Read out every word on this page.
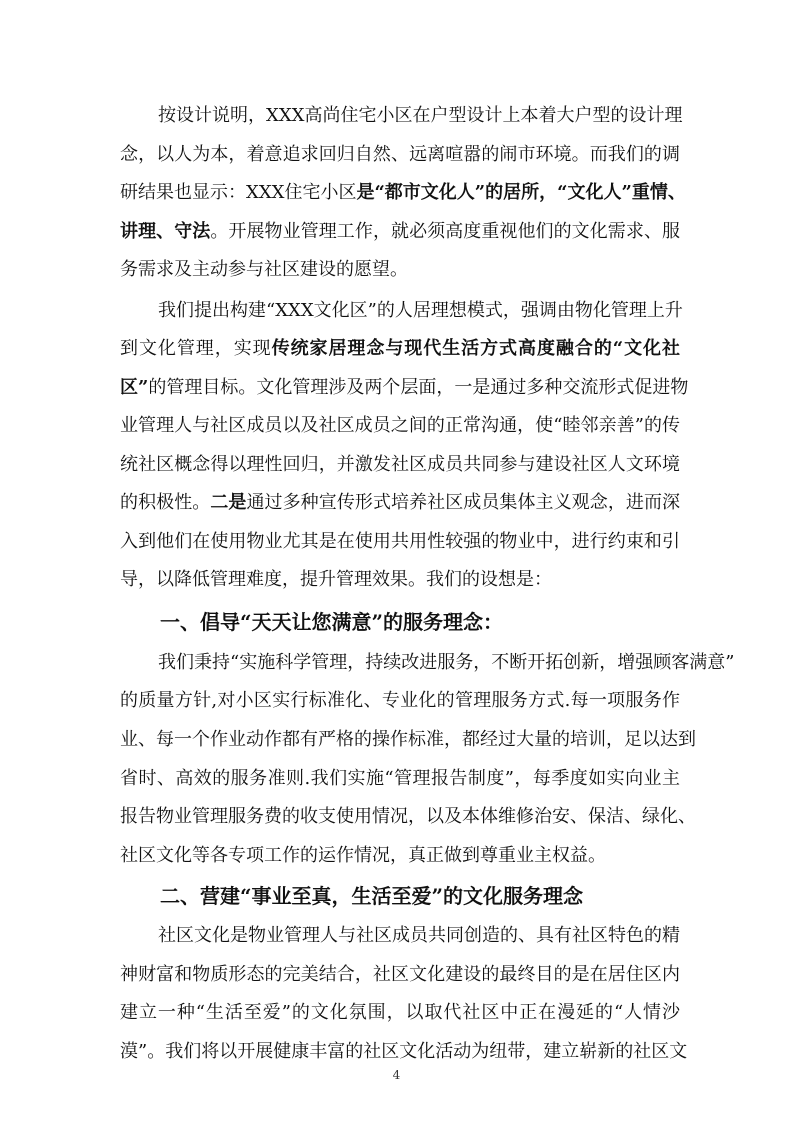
按设计说明，XXX高尚住宅小区在户型设计上本着大户型的设计理
念，以人为本，着意追求回归自然、远离喧嚣的闹市环境。而我们的调
研结果也显示：XXX住宅小区是“都市文化人”的居所，“文化人”重情、
讲理、守法。开展物业管理工作，就必须高度重视他们的文化需求、服
务需求及主动参与社区建设的愿望。
我们提出构建“XXX文化区”的人居理想模式，强调由物化管理上升
到文化管理，实现传统家居理念与现代生活方式高度融合的“文化社
区”的管理目标。文化管理涉及两个层面，一是通过多种交流形式促进物
业管理人与社区成员以及社区成员之间的正常沟通，使“睦邻亲善”的传
统社区概念得以理性回归，并激发社区成员共同参与建设社区人文环境
的积极性。二是通过多种宣传形式培养社区成员集体主义观念，进而深
入到他们在使用物业尤其是在使用共用性较强的物业中，进行约束和引
导，以降低管理难度，提升管理效果。我们的设想是：
一、倡导“天天让您满意”的服务理念：
我们秉持“实施科学管理，持续改进服务，不断开拓创新，增强顾客满意”
的质量方针,对小区实行标准化、专业化的管理服务方式.每一项服务作
业、每一个作业动作都有严格的操作标准，都经过大量的培训，足以达到
省时、高效的服务准则.我们实施“管理报告制度”，每季度如实向业主
报告物业管理服务费的收支使用情况，以及本体维修治安、保洁、绿化、
社区文化等各专项工作的运作情况，真正做到尊重业主权益。
二、营建“事业至真，生活至爱”的文化服务理念
社区文化是物业管理人与社区成员共同创造的、具有社区特色的精
4
神财富和物质形态的完美结合，社区文化建设的最终目的是在居住区内
建立一种“生活至爱”的文化氛围，以取代社区中正在漫延的“人情沙
漠”。我们将以开展健康丰富的社区文化活动为纽带，建立崭新的社区文
